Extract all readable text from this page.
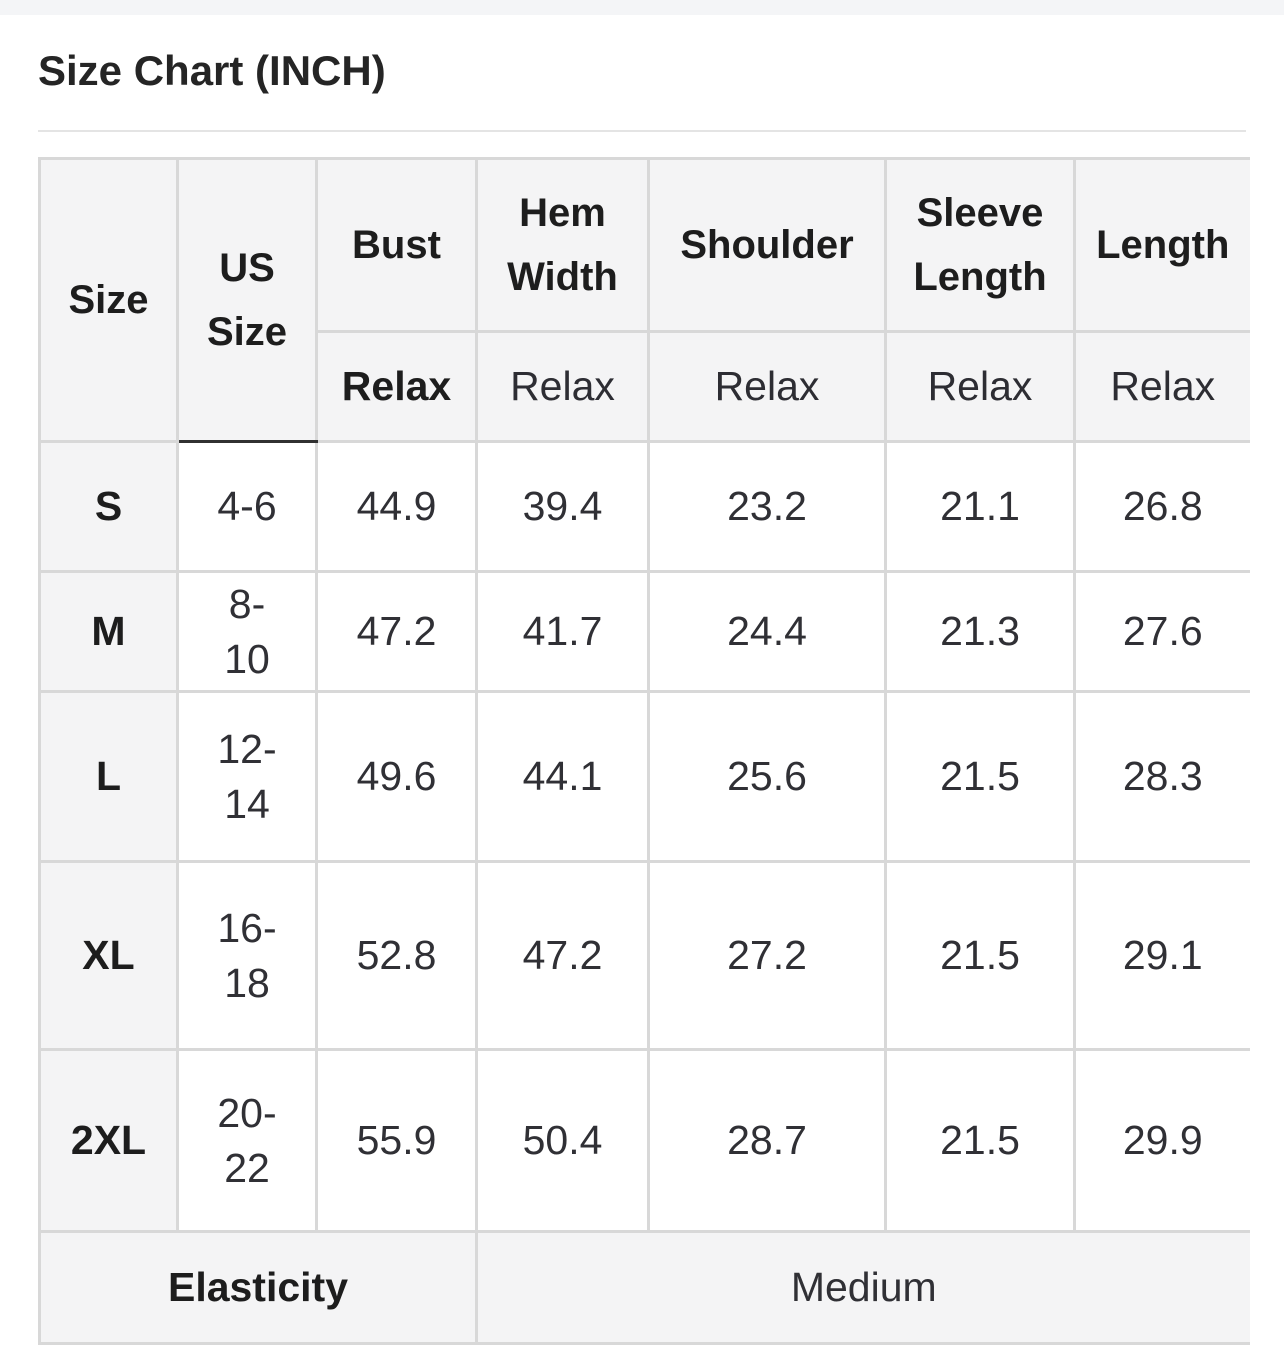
Size Chart (INCH)
Size	US Size	Bust	Hem Width	Shoulder	Sleeve Length	Length
		Relax	Relax	Relax	Relax	Relax
S	4-6	44.9	39.4	23.2	21.1	26.8
M	8-10	47.2	41.7	24.4	21.3	27.6
L	12-14	49.6	44.1	25.6	21.5	28.3
XL	16-18	52.8	47.2	27.2	21.5	29.1
2XL	20-22	55.9	50.4	28.7	21.5	29.9
Elasticity			Medium			
